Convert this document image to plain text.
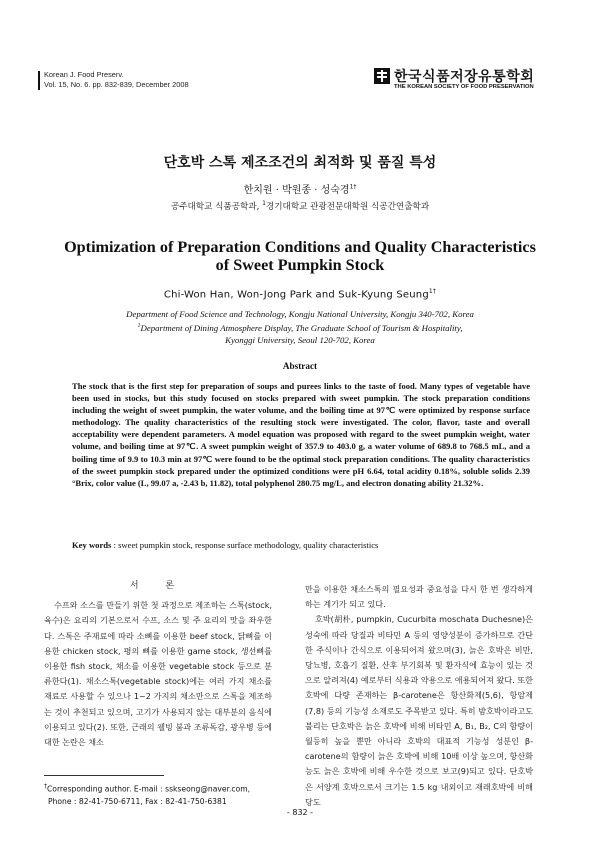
Korean J. Food Preserv.
Vol. 15, No. 6. pp. 832-839, December 2008	한국식품저장유통학회
THE KOREAN SOCIETY OF FOOD PRESERVATION
단호박 스톡 제조조건의 최적화 및 품질 특성
한치원 · 박원종 · 성숙경$^{1\dagger}$
공주대학교 식품공학과, $^1$경기대학교 관광전문대학원 식공간연출학과
Optimization of Preparation Conditions and Quality Characteristics
of Sweet Pumpkin Stock
Chi-Won Han, Won-Jong Park and Suk-Kyung Seung$^{1\dagger}$
Department of Food Science and Technology, Kongju National University, Kongju 340-702, Korea
$^1$Department of Dining Atmosphere Display, The Graduate School of Tourism & Hospitality,
Kyonggi University, Seoul 120-702, Korea
Abstract
The stock that is the first step for preparation of soups and purees links to the taste of food. Many types of vegetable have been used in stocks, but this study focused on stocks prepared with sweet pumpkin. The stock preparation conditions including the weight of sweet pumpkin, the water volume, and the boiling time at 97℃ were optimized by response surface methodology. The quality characteristics of the resulting stock were investigated. The color, flavor, taste and overall acceptability were dependent parameters. A model equation was proposed with regard to the sweet pumpkin weight, water volume, and boiling time at 97℃. A sweet pumpkin weight of 357.9 to 403.0 g, a water volume of 689.8 to 768.5 mL, and a boiling time of 9.9 to 10.3 min at 97℃ were found to be the optimal stock preparation conditions. The quality characteristics of the sweet pumpkin stock prepared under the optimized conditions were pH 6.64, total acidity 0.18%, soluble solids 2.39 °Brix, color value (L, 99.07 a, -2.43 b, 11.82), total polyphenol 280.75 mg/L, and electron donating ability 21.32%.
Key words : sweet pumpkin stock, response surface methodology, quality characteristics
서 론

수프와 소스를 만들기 위한 첫 과정으로 제조하는 스톡(stock, 육수)은 요리의 기본으로서 수프, 소스 및 주 요리의 맛을 좌우한다. 스톡은 주재료에 따라 소뼈를 이용한 beef stock, 닭뼈를 이용한 chicken stock, 평의 뼈를 이용한 game stock, 생선뼈를 이용한 fish stock, 채소를 이용한 vegetable stock 등으로 분류한다(1). 채소스톡(vegetable stock)에는 여러 가지 채소를 재료로 사용할 수 있으나 1~2 가지의 채소만으로 스톡을 제조하는 것이 추천되고 있으며, 고기가 사용되지 않는 대부분의 음식에 이용되고 있다(2). 또한, 근래의 웰빙 붐과 조류독감, 광우병 등에 대한 논란은 채소

만을 이용한 채소스톡의 필요성과 중요성을 다시 한 번 생각하게 하는 계기가 되고 있다.

호박(胡朴, pumpkin, Cucurbita moschata Duchesne)은 성숙에 따라 당질과 비타민 A 등의 영양성분이 증가하므로 간단한 주식이나 간식으로 이용되어져 왔으며(3), 늙은 호박은 비만, 당뇨병, 호흡기 질환, 산후 부기회복 및 환자식에 효능이 있는 것으로 알려져(4) 예로부터 식용과 약용으로 애용되어져 왔다. 또한 호박에 다량 존재하는 β-carotene은 항산화제(5,6), 항암제(7,8) 등의 기능성 소재로도 주목받고 있다. 특히 밤호박이라고도 불리는 단호박은 늙은 호박에 비해 비타민 A, B₁, B₂, C의 함량이 월등히 높을 뿐만 아니라 호박의 대표적 기능성 성분인 β-carotene의 함량이 늙은 호박에 비해 10배 이상 높으며, 항산화능도 늙은 호박에 비해 우수한 것으로 보고(9)되고 있다. 단호박은 서양계 호박으로서 크기는 1.5 kg 내외이고 재래호박에 비해 당도

†Corresponding author. E-mail : sskseong@naver.com,
Phone : 82-41-750-6711, Fax : 82-41-750-6381
- 832 -
